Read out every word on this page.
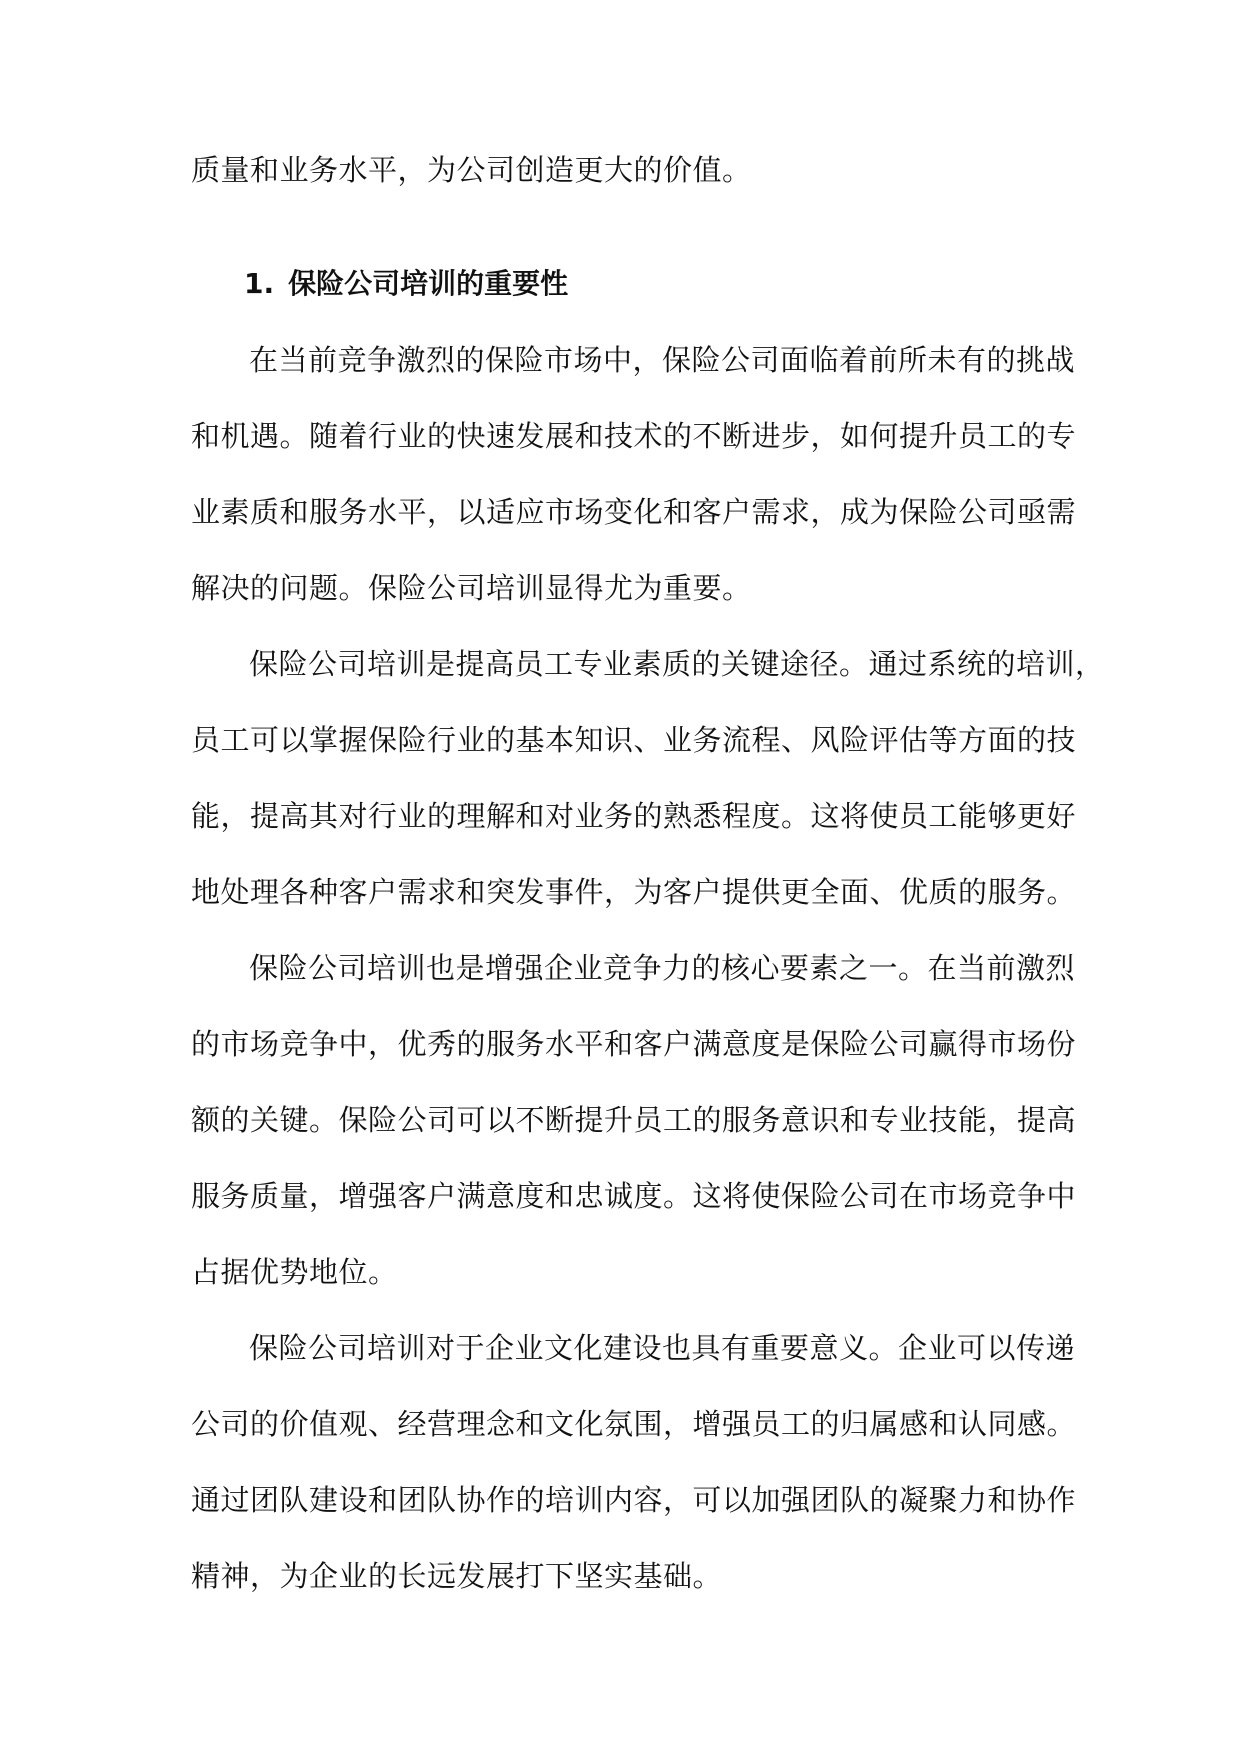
质量和业务水平，为公司创造更大的价值。
1. 保险公司培训的重要性
在当前竞争激烈的保险市场中，保险公司面临着前所未有的挑战
和机遇。随着行业的快速发展和技术的不断进步，如何提升员工的专
业素质和服务水平，以适应市场变化和客户需求，成为保险公司亟需
解决的问题。保险公司培训显得尤为重要。
保险公司培训是提高员工专业素质的关键途径。通过系统的培训，
员工可以掌握保险行业的基本知识、业务流程、风险评估等方面的技
能，提高其对行业的理解和对业务的熟悉程度。这将使员工能够更好
地处理各种客户需求和突发事件，为客户提供更全面、优质的服务。
保险公司培训也是增强企业竞争力的核心要素之一。在当前激烈
的市场竞争中，优秀的服务水平和客户满意度是保险公司赢得市场份
额的关键。保险公司可以不断提升员工的服务意识和专业技能，提高
服务质量，增强客户满意度和忠诚度。这将使保险公司在市场竞争中
占据优势地位。
保险公司培训对于企业文化建设也具有重要意义。企业可以传递
公司的价值观、经营理念和文化氛围，增强员工的归属感和认同感。
通过团队建设和团队协作的培训内容，可以加强团队的凝聚力和协作
精神，为企业的长远发展打下坚实基础。
